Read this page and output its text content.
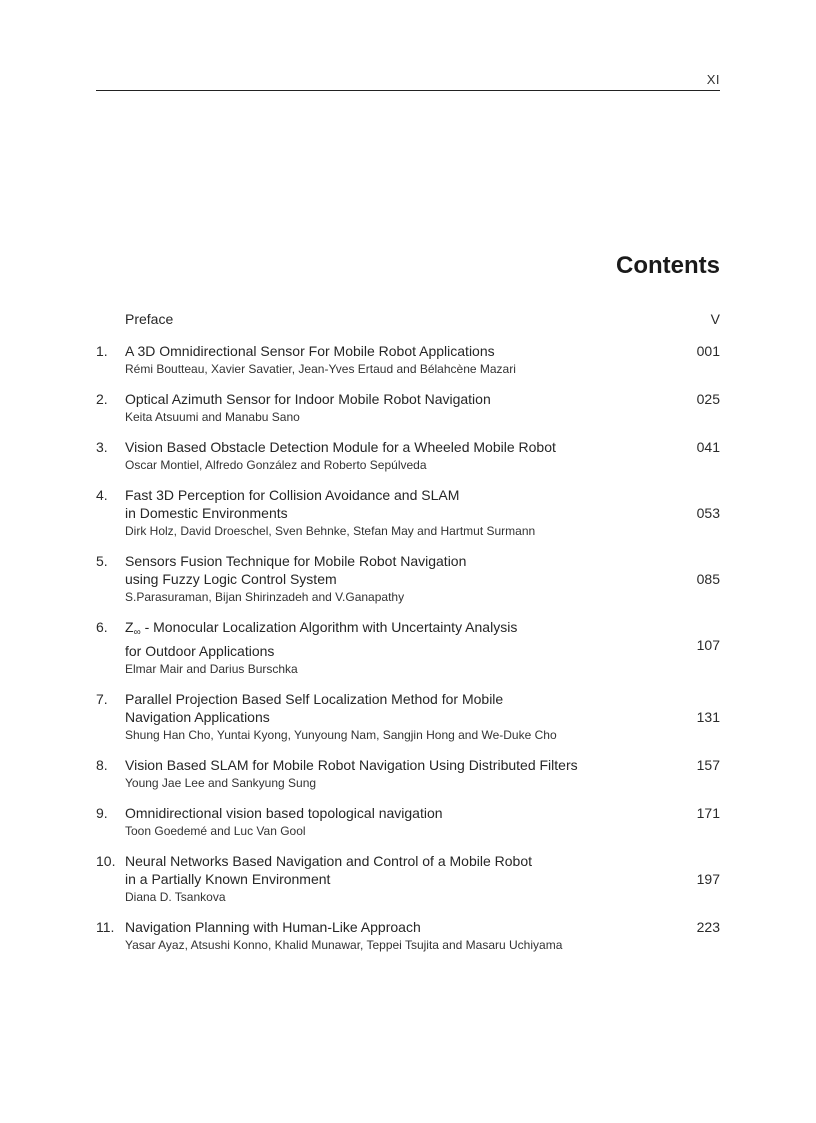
XI
Contents
Preface	V
1. A 3D Omnidirectional Sensor For Mobile Robot Applications
Rémi Boutteau, Xavier Savatier, Jean-Yves Ertaud and Bélahcène Mazari
001
2. Optical Azimuth Sensor for Indoor Mobile Robot Navigation
Keita Atsuumi and Manabu Sano
025
3. Vision Based Obstacle Detection Module for a Wheeled Mobile Robot
Oscar Montiel, Alfredo González and Roberto Sepúlveda
041
4. Fast 3D Perception for Collision Avoidance and SLAM
in Domestic Environments
Dirk Holz, David Droeschel, Sven Behnke, Stefan May and Hartmut Surmann
053
5. Sensors Fusion Technique for Mobile Robot Navigation
using Fuzzy Logic Control System
S.Parasuraman, Bijan Shirinzadeh and V.Ganapathy
085
6. $Z_\infty$ - Monocular Localization Algorithm with Uncertainty Analysis
for Outdoor Applications
Elmar Mair and Darius Burschka
107
7. Parallel Projection Based Self Localization Method for Mobile
Navigation Applications
Shung Han Cho, Yuntai Kyong, Yunyoung Nam, Sangjin Hong and We-Duke Cho
131
8. Vision Based SLAM for Mobile Robot Navigation Using Distributed Filters
Young Jae Lee and Sankyung Sung
157
9. Omnidirectional vision based topological navigation
Toon Goedemé and Luc Van Gool
171
10. Neural Networks Based Navigation and Control of a Mobile Robot
in a Partially Known Environment
Diana D. Tsankova
197
11. Navigation Planning with Human-Like Approach
Yasar Ayaz, Atsushi Konno, Khalid Munawar, Teppei Tsujita and Masaru Uchiyama
223
